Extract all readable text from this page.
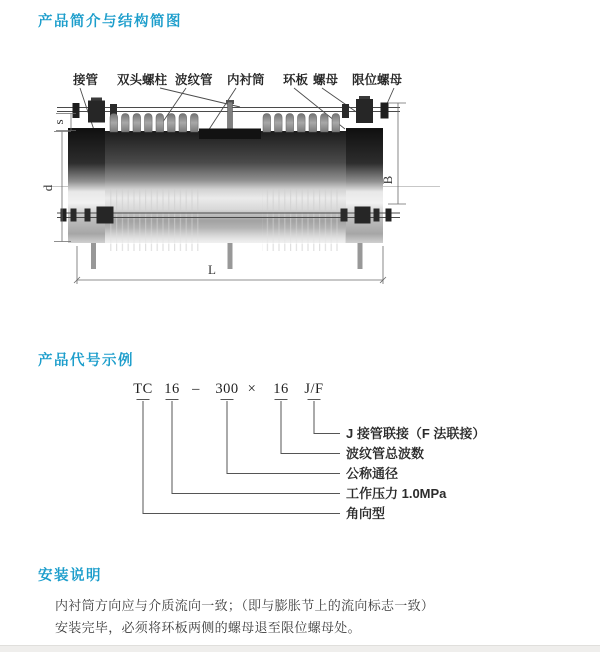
产品简介与结构简图
接管 双头螺柱 波纹管 内衬筒 环板 螺母 限位螺母
s
d
B
L
产品代号示例
TC 16 – 300 × 16 J/F
J 接管联接（F 法联接）
波纹管总波数
公称通径
工作压力 1.0MPa
角向型
安装说明
内衬筒方向应与介质流向一致；（即与膨胀节上的流向标志一致）
安装完毕，必须将环板两侧的螺母退至限位螺母处。
